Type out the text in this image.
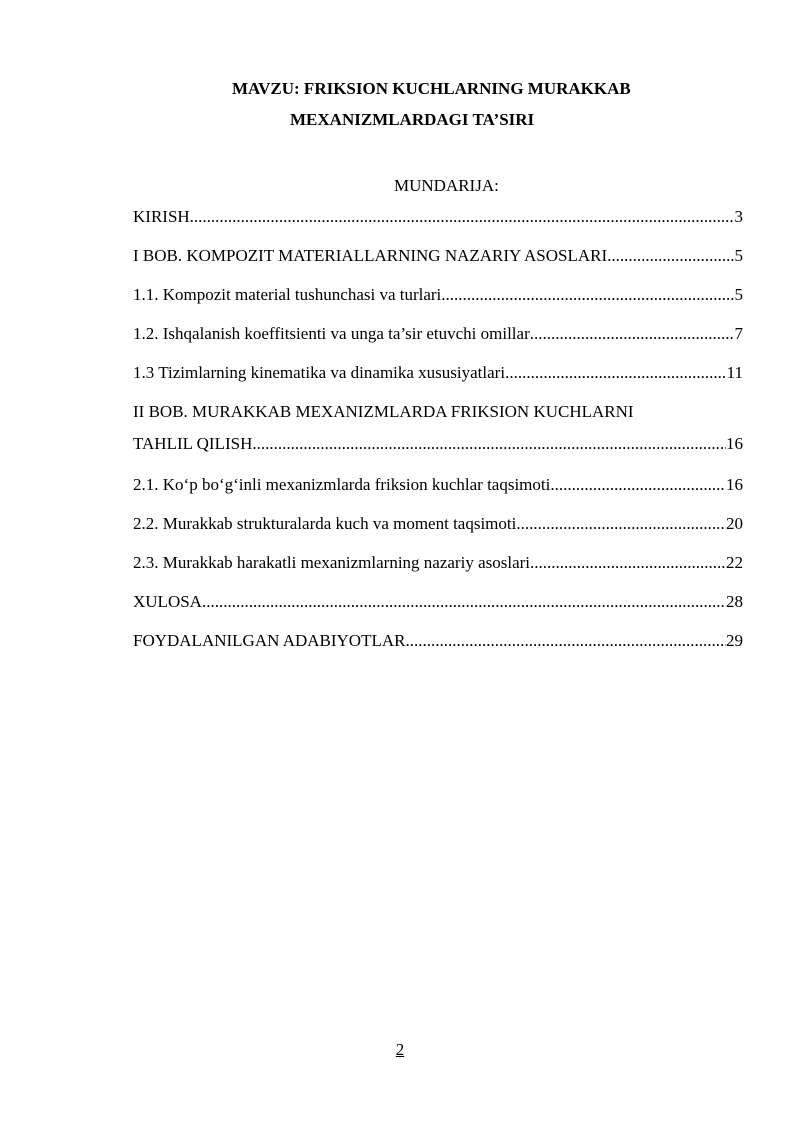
MAVZU: FRIKSION KUCHLARNING MURAKKAB
MEXANIZMLARDAGI TA’SIRI
MUNDARIJA:
KIRISH .....	3
I BOB. KOMPOZIT MATERIALLARNING NAZARIY ASOSLARI .....	5
1.1. Kompozit material tushunchasi va turlari .....	5
1.2. Ishqalanish koeffitsienti va unga ta’sir etuvchi omillar .....	7
1.3 Tizimlarning kinematika va dinamika xususiyatlari .....	11
II BOB. MURAKKAB MEXANIZMLARDA FRIKSION KUCHLARNI
TAHLIL QILISH .....	16
2.1. Ko‘p bo‘g‘inli mexanizmlarda friksion kuchlar taqsimoti .....	16
2.2. Murakkab strukturalarda kuch va moment taqsimoti .....	20
2.3. Murakkab harakatli mexanizmlarning nazariy asoslari .....	22
XULOSA .....	28
FOYDALANILGAN ADABIYOTLAR .....	29
2
